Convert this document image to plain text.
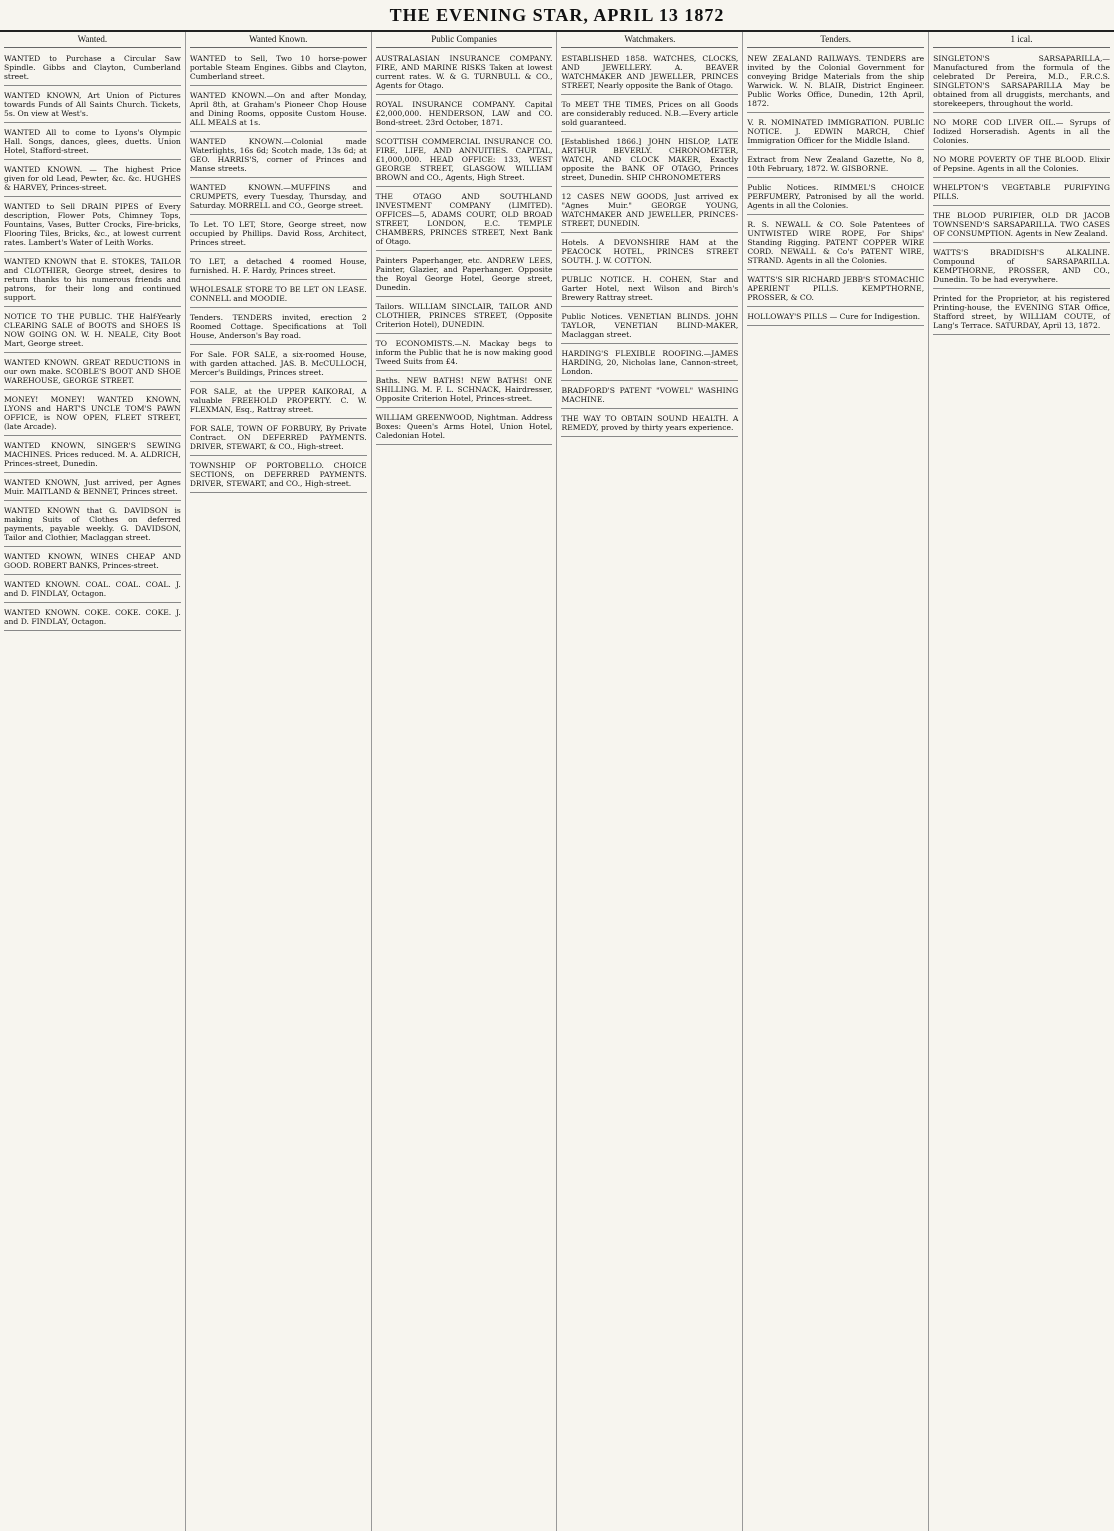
THE EVENING STAR, APRIL 13 1872
Wanted.
WANTED to Purchase a Circular Saw Spindle. Gibbs and Clayton, Cumberland street.
WANTED KNOWN, Art Union of Pictures towards Funds of All Saints Church. Tickets, 5s. On view at West's.
WANTED All to come to Lyons's Olympic Hall. Songs, dances, glees, duetts. Union Hotel, Stafford-street.
WANTED KNOWN. — The highest Price given for old Lead, Pewter, &c. &c. HUGHES & HARVEY, Princes-street.
WANTED to Sell DRAIN PIPES of Every description, Flower Pots, Chimney Tops, Fountains, Vases, Butter Crocks, Fire-bricks, Flooring Tiles, Bricks, &c., at lowest current rates. Lambert's Water of Leith Works.
WANTED KNOWN that E. STOKES, TAILOR and CLOTHIER, George street, desires to return thanks to his numerous friends and patrons, for their long and continued support.
NOTICE TO THE PUBLIC. THE Half-Yearly CLEARING SALE of BOOTS and SHOES IS NOW GOING ON. W. H. NEALE, City Boot Mart, George street.
WANTED KNOWN. GREAT REDUCTIONS in our own make. SCOBLE'S BOOT AND SHOE WAREHOUSE, GEORGE STREET.
MONEY! MONEY! WANTED KNOWN, LYONS and HART'S UNCLE TOM'S PAWN OFFICE, is NOW OPEN, FLEET STREET, (late Arcade).
WANTED KNOWN, SINGER'S SEWING MACHINES. Prices reduced. M. A. ALDRICH, Princes-street, Dunedin.
WANTED KNOWN, Just arrived, per Agnes Muir. MAITLAND & BENNET, Princes street.
WANTED KNOWN that G. DAVIDSON is making Suits of Clothes on deferred payments, payable weekly. G. DAVIDSON, Tailor and Clothier, Maclaggan street.
WANTED KNOWN, WINES CHEAP AND GOOD. ROBERT BANKS, Princes-street.
WANTED KNOWN. COAL. COAL. COAL. J. and D. FINDLAY, Octagon.
WANTED KNOWN. COKE. COKE. COKE. J. and D. FINDLAY, Octagon.
Wanted Known.
WANTED to Sell, Two 10 horse-power portable Steam Engines. Gibbs and Clayton, Cumberland street.
WANTED KNOWN.—On and after Monday, April 8th, at Graham's Pioneer Chop House and Dining Rooms, opposite Custom House. ALL MEALS at 1s.
WANTED KNOWN.—Colonial made Waterlights, 16s 6d; Scotch made, 13s 6d; at GEO. HARRIS'S, corner of Princes and Manse streets.
WANTED KNOWN.—MUFFINS and CRUMPETS, every Tuesday, Thursday, and Saturday. MORRELL and CO., George street.
To Let. TO LET, Store, George street, now occupied by Phillips. David Ross, Architect, Princes street.
TO LET, a detached 4 roomed House, furnished. H. F. Hardy, Princes street.
WHOLESALE STORE TO BE LET ON LEASE. CONNELL and MOODIE.
Tenders. TENDERS invited, erection 2 Roomed Cottage. Specifications at Toll House, Anderson's Bay road.
For Sale. FOR SALE, a six-roomed House, with garden attached. JAS. B. McCULLOCH, Mercer's Buildings, Princes street.
FOR SALE, at the UPPER KAIKORAI, A valuable FREEHOLD PROPERTY. C. W. FLEXMAN, Esq., Rattray street.
FOR SALE, TOWN OF FORBURY, By Private Contract. ON DEFERRED PAYMENTS. DRIVER, STEWART, & CO., High-street.
TOWNSHIP OF PORTOBELLO. CHOICE SECTIONS, on DEFERRED PAYMENTS. DRIVER, STEWART, and CO., High-street.
Public Companies
AUSTRALASIAN INSURANCE COMPANY. FIRE, AND MARINE RISKS Taken at lowest current rates. W. & G. TURNBULL & CO., Agents for Otago.
ROYAL INSURANCE COMPANY. Capital £2,000,000. HENDERSON, LAW and CO. Bond-street. 23rd October, 1871.
SCOTTISH COMMERCIAL INSURANCE CO. FIRE, LIFE, AND ANNUITIES. CAPITAL, £1,000,000. HEAD OFFICE: 133, WEST GEORGE STREET, GLASGOW. WILLIAM BROWN and CO., Agents, High Street.
THE OTAGO AND SOUTHLAND INVESTMENT COMPANY (LIMITED). OFFICES—5, ADAMS COURT, OLD BROAD STREET, LONDON, E.C. TEMPLE CHAMBERS, PRINCES STREET, Next Bank of Otago.
Painters Paperhanger, etc. ANDREW LEES, Painter, Glazier, and Paperhanger. Opposite the Royal George Hotel, George street, Dunedin.
Tailors. WILLIAM SINCLAIR, TAILOR AND CLOTHIER, PRINCES STREET, (Opposite Criterion Hotel), DUNEDIN.
TO ECONOMISTS.—N. Mackay begs to inform the Public that he is now making good Tweed Suits from £4.
Baths. NEW BATHS! NEW BATHS! ONE SHILLING. M. F. L. SCHNACK, Hairdresser, Opposite Criterion Hotel, Princes-street.
WILLIAM GREENWOOD, Nightman. Address Boxes: Queen's Arms Hotel, Union Hotel, Caledonian Hotel.
Watchmakers.
ESTABLISHED 1858. WATCHES, CLOCKS, AND JEWELLERY. A. BEAVER WATCHMAKER AND JEWELLER, PRINCES STREET, Nearly opposite the Bank of Otago.
To MEET THE TIMES, Prices on all Goods are considerably reduced. N.B.—Every article sold guaranteed.
[Established 1866.] JOHN HISLOP, LATE ARTHUR BEVERLY. CHRONOMETER, WATCH, AND CLOCK MAKER, Exactly opposite the BANK OF OTAGO, Princes street, Dunedin. SHIP CHRONOMETERS
12 CASES NEW GOODS, Just arrived ex "Agnes Muir." GEORGE YOUNG, WATCHMAKER AND JEWELLER, PRINCES-STREET, DUNEDIN.
Hotels. A DEVONSHIRE HAM at the PEACOCK HOTEL, PRINCES STREET SOUTH. J. W. COTTON.
PUBLIC NOTICE. H. COHEN, Star and Garter Hotel, next Wilson and Birch's Brewery Rattray street.
Public Notices. VENETIAN BLINDS. JOHN TAYLOR, VENETIAN BLIND-MAKER, Maclaggan street.
HARDING'S FLEXIBLE ROOFING.—JAMES HARDING, 20, Nicholas lane, Cannon-street, London.
BRADFORD'S PATENT "VOWEL" WASHING MACHINE.
THE WAY TO OBTAIN SOUND HEALTH. A REMEDY, proved by thirty years experience.
Tenders.
NEW ZEALAND RAILWAYS. TENDERS are invited by the Colonial Government for conveying Bridge Materials from the ship Warwick. W. N. BLAIR, District Engineer. Public Works Office, Dunedin, 12th April, 1872.
V. R. NOMINATED IMMIGRATION. PUBLIC NOTICE. J. EDWIN MARCH, Chief Immigration Officer for the Middle Island.
Extract from New Zealand Gazette, No 8, 10th February, 1872. W. GISBORNE.
Public Notices. RIMMEL'S CHOICE PERFUMERY, Patronised by all the world. Agents in all the Colonies.
R. S. NEWALL & CO. Sole Patentees of UNTWISTED WIRE ROPE, For Ships' Standing Rigging. PATENT COPPER WIRE CORD. NEWALL & Co's PATENT WIRE, STRAND. Agents in all the Colonies.
WATTS'S SIR RICHARD JEBB'S STOMACHIC APERIENT PILLS. KEMPTHORNE, PROSSER, & CO.
HOLLOWAY'S PILLS — Cure for Indigestion.
1 ical.
SINGLETON'S SARSAPARILLA,— Manufactured from the formula of the celebrated Dr Pereira, M.D., F.R.C.S. SINGLETON'S SARSAPARILLA May be obtained from all druggists, merchants, and storekeepers, throughout the world.
NO MORE COD LIVER OIL.— Syrups of Iodized Horseradish. Agents in all the Colonies.
NO MORE POVERTY OF THE BLOOD. Elixir of Pepsine. Agents in all the Colonies.
WHELPTON'S VEGETABLE PURIFYING PILLS.
THE BLOOD PURIFIER, OLD DR JACOB TOWNSEND'S SARSAPARILLA. TWO CASES OF CONSUMPTION. Agents in New Zealand.
WATTS'S BRADIDISH'S ALKALINE. Compound of SARSAPARILLA. KEMPTHORNE, PROSSER, AND CO., Dunedin. To be had everywhere.
Printed for the Proprietor, at his registered Printing-house, the EVENING STAR Office, Stafford street, by WILLIAM COUTE, of Lang's Terrace. SATURDAY, April 13, 1872.
